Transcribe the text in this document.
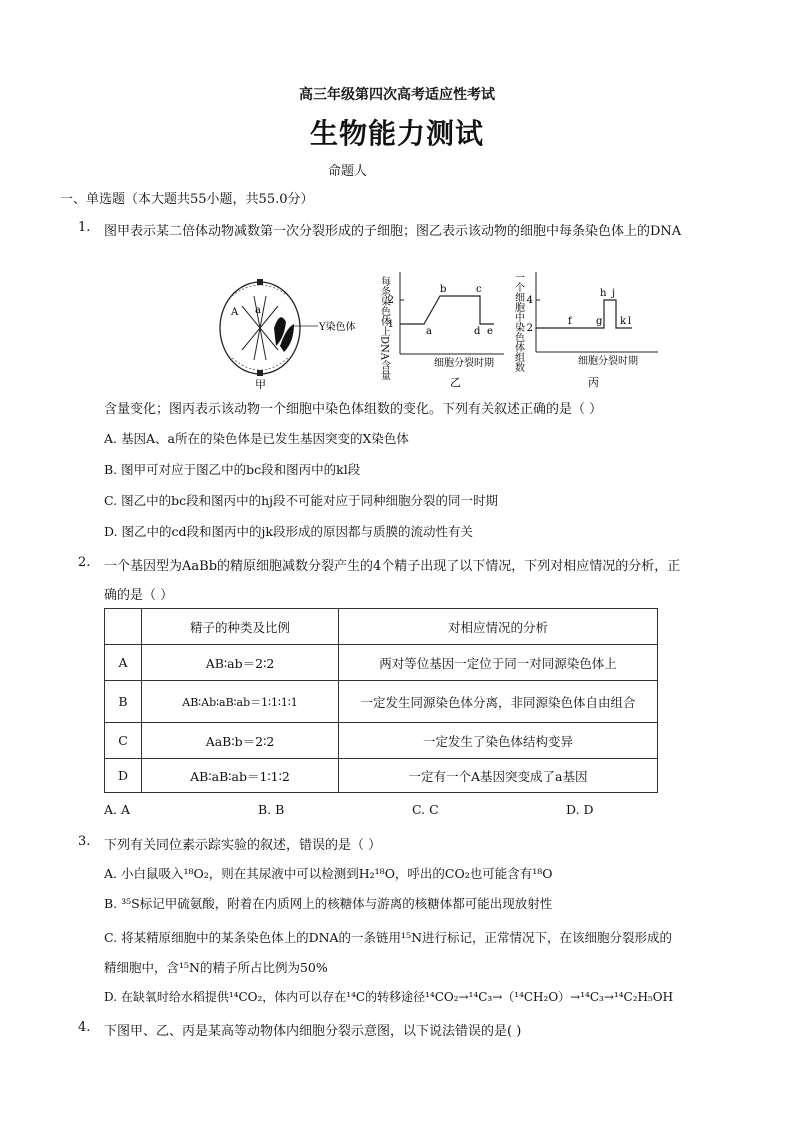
高三年级第四次高考适应性考试
生物能力测试
命题人
一、单选题（本大题共55小题，共55.0分）
1. 图甲表示某二倍体动物减数第一次分裂形成的子细胞；图乙表示该动物的细胞中每条染色体上的DNA
A a
Y染色体
甲
每条染色体上DNA含量
2
1
a
b	c
d e
细胞分裂时期
乙
一个细胞中染色体组数 4
2
f g
h j
k l
细胞分裂时期
丙
含量变化；图丙表示该动物一个细胞中染色体组数的变化。下列有关叙述正确的是（ ）
A. 基因A、a所在的染色体是已发生基因突变的X染色体
B. 图甲可对应于图乙中的bc段和图丙中的kl段
C. 图乙中的bc段和图丙中的hj段不可能对应于同种细胞分裂的同一时期
D. 图乙中的cd段和图丙中的jk段形成的原因都与质膜的流动性有关
2. 一个基因型为AaBb的精原细胞减数分裂产生的4个精子出现了以下情况，下列对相应情况的分析，正
确的是（ ）
	精子的种类及比例	对相应情况的分析
A	AB∶ab＝2∶2	两对等位基因一定位于同一对同源染色体上
B	AB∶Ab∶aB∶ab＝1∶1∶1∶1	一定发生同源染色体分离，非同源染色体自由组合
C	AaB∶b＝2∶2	一定发生了染色体结构变异
D	AB∶aB∶ab＝1∶1∶2	一定有一个A基因突变成了a基因
A. A	B. B	C. C	D. D
3. 下列有关同位素示踪实验的叙述，错误的是（ ）
A. 小白鼠吸入¹⁸O₂，则在其尿液中可以检测到H₂¹⁸O，呼出的CO₂也可能含有¹⁸O
B. ³⁵S标记甲硫氨酸，附着在内质网上的核糖体与游离的核糖体都可能出现放射性
C. 将某精原细胞中的某条染色体上的DNA的一条链用¹⁵N进行标记，正常情况下，在该细胞分裂形成的
精细胞中，含¹⁵N的精子所占比例为50%
D. 在缺氧时给水稻提供¹⁴CO₂，体内可以存在¹⁴C的转移途径¹⁴CO₂→¹⁴C₃→（¹⁴CH₂O）→¹⁴C₃→¹⁴C₂H₅OH
4. 下图甲、乙、丙是某高等动物体内细胞分裂示意图，以下说法错误的是( )
